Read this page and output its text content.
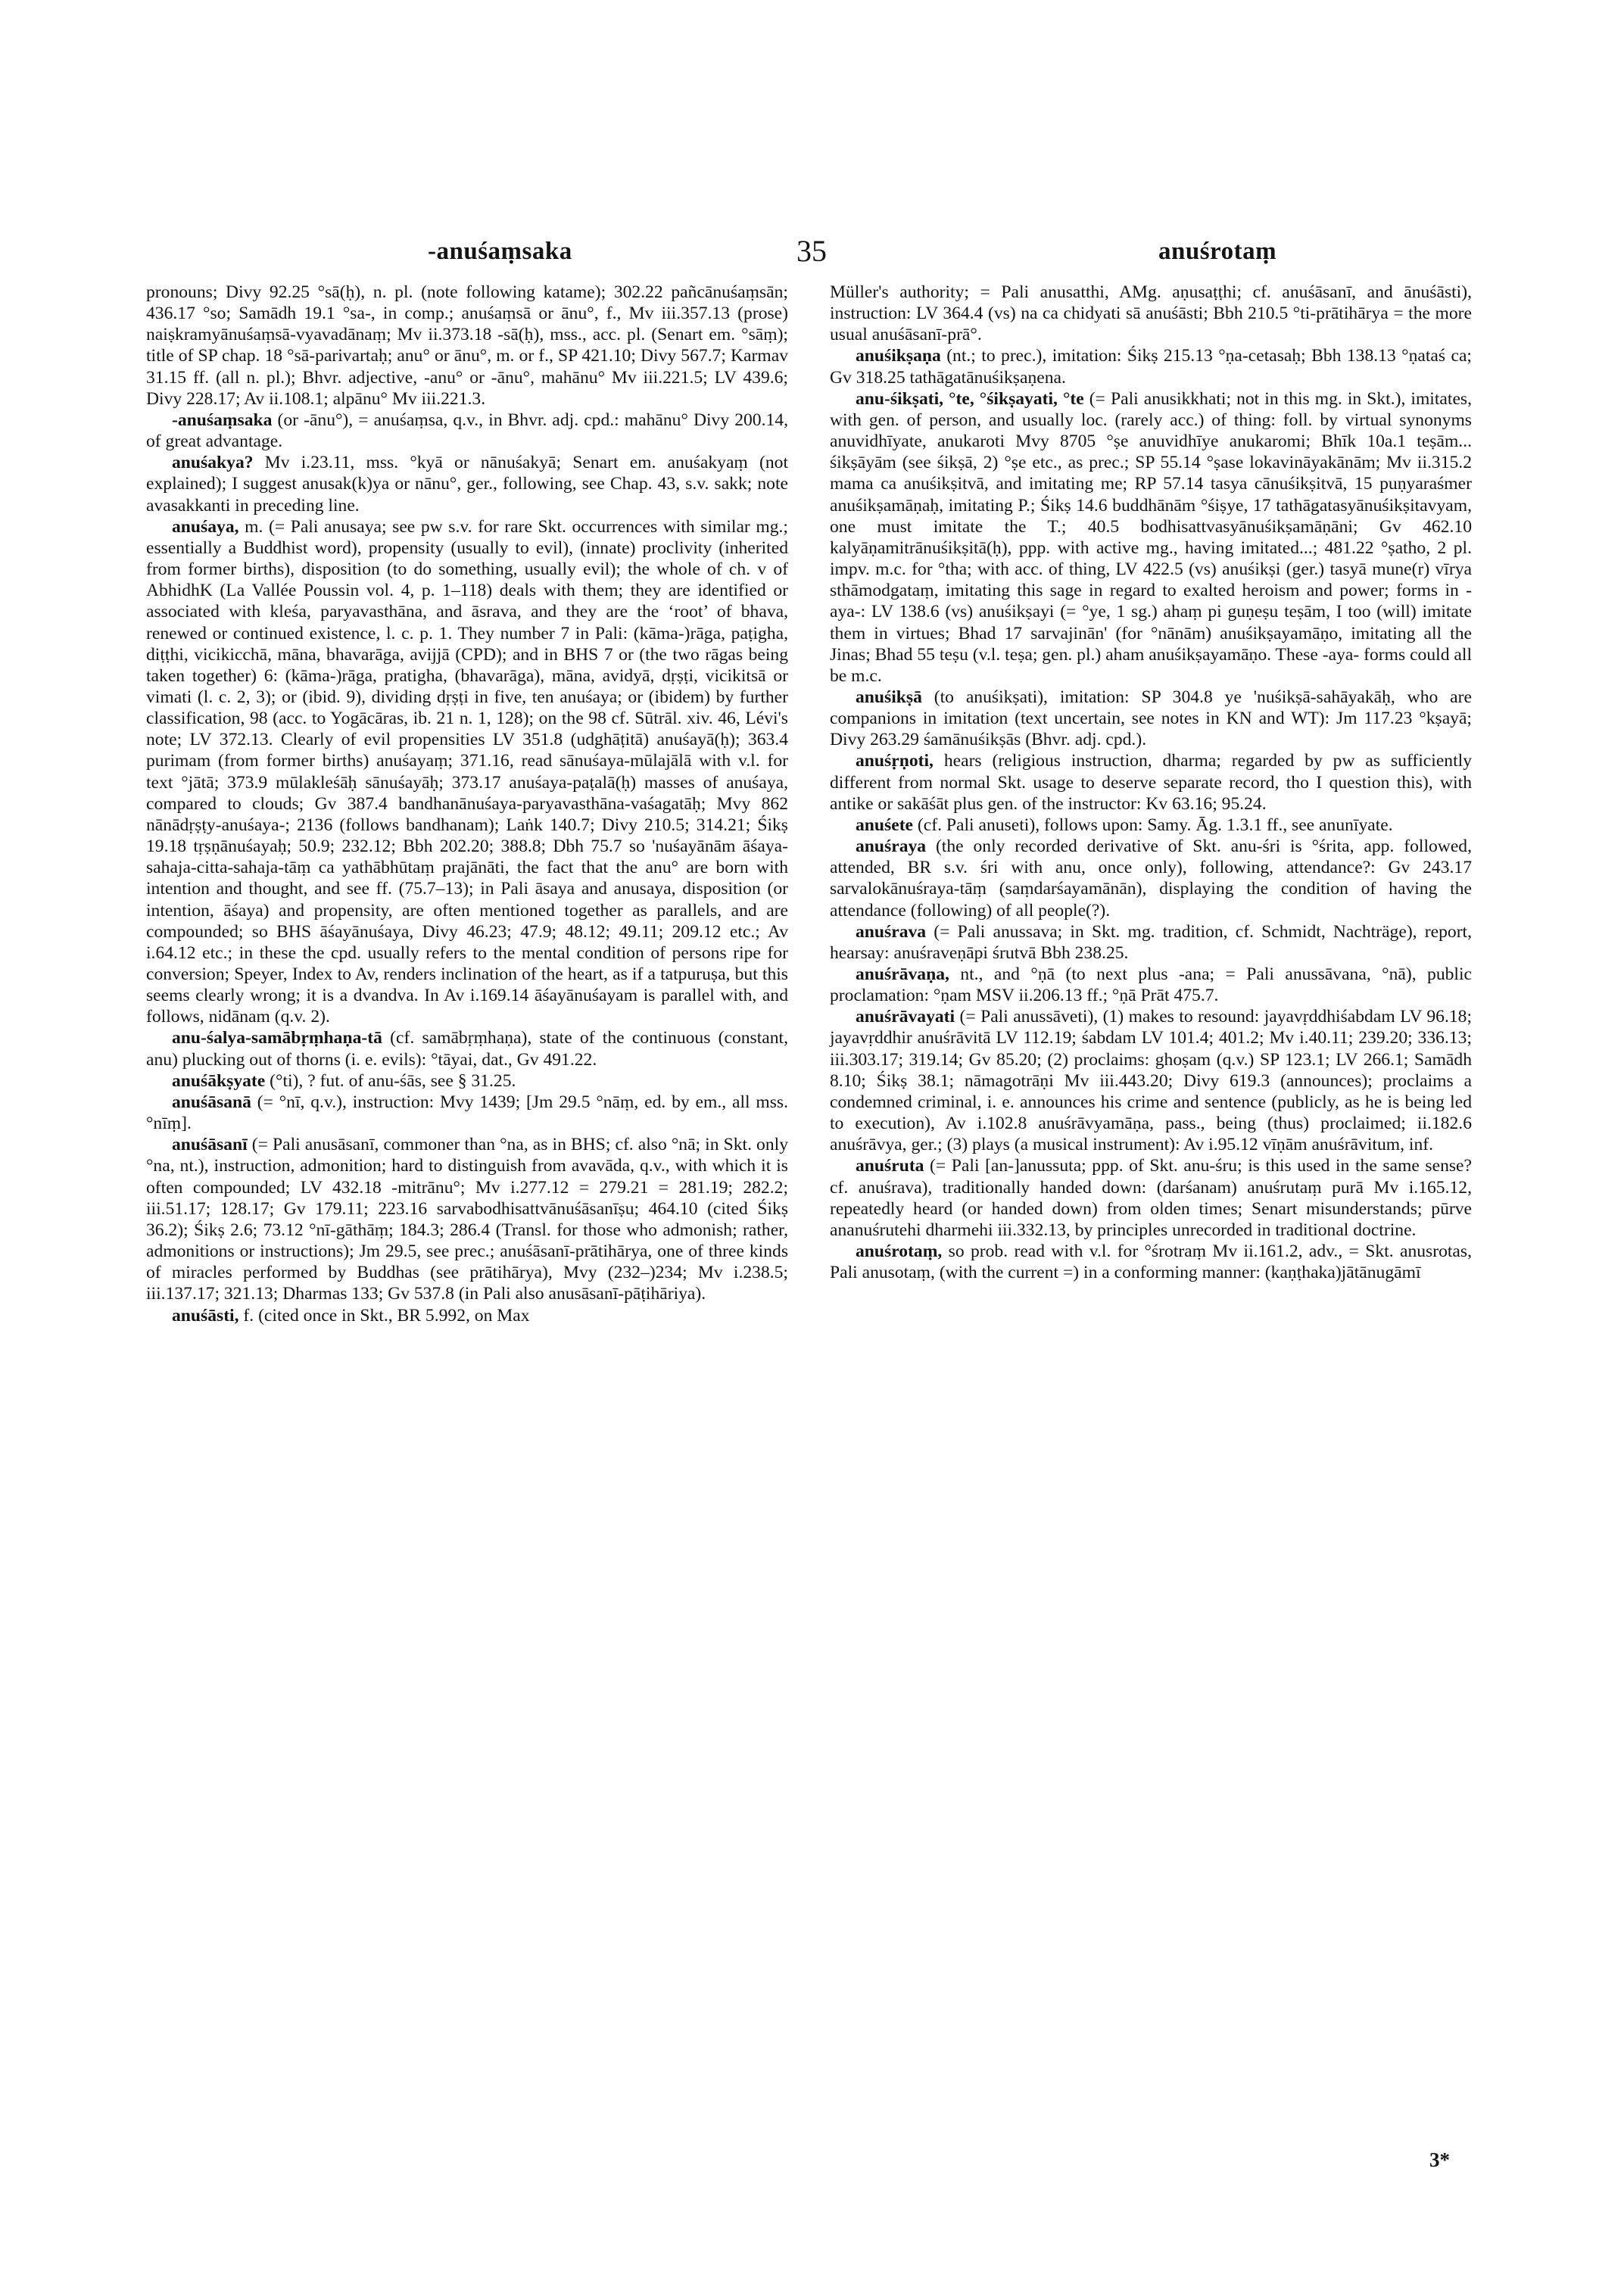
-anuśaṃsaka	35	anuśrotaṃ

pronouns; Divy 92.25 °sā(ḥ), n. pl. (note following katame); 302.22 pañcānuśaṃsān; 436.17 °so; Samādh 19.1 °sa-, in comp.; anuśaṃsā or ānu°, f., Mv iii.357.13 (prose) naiṣkramyānuśaṃsā-vyavadānaṃ; Mv ii.373.18 -sā(ḥ), mss., acc. pl. (Senart em. °sāṃ); title of SP chap. 18 °sā-parivartaḥ; anu° or ānu°, m. or f., SP 421.10; Divy 567.7; Karmav 31.15 ff. (all n. pl.); Bhvr. adjective, -anu° or -ānu°, mahānu° Mv iii.221.5; LV 439.6; Divy 228.17; Av ii.108.1; alpānu° Mv iii.221.3.

-anuśaṃsaka (or -ānu°), = anuśaṃsa, q.v., in Bhvr. adj. cpd.: mahānu° Divy 200.14, of great advantage.

anuśakya? Mv i.23.11, mss. °kyā or nānuśakyā; Senart em. anuśakyaṃ (not explained); I suggest anusak(k)ya or nānu°, ger., following, see Chap. 43, s.v. sakk; note avasakkanti in preceding line.

anuśaya, m. (= Pali anusaya; see pw s.v. for rare Skt. occurrences with similar mg.; essentially a Buddhist word), propensity (usually to evil), (innate) proclivity (inherited from former births), disposition (to do something, usually evil); the whole of ch. v of AbhidhK (La Vallée Poussin vol. 4, p. 1–118) deals with them; they are identified or associated with kleśa, paryavasthāna, and āsrava, and they are the ‘root’ of bhava, renewed or continued existence, l. c. p. 1. They number 7 in Pali: (kāma-)rāga, paṭigha, diṭṭhi, vicikicchā, māna, bhavarāga, avijjā (CPD); and in BHS 7 or (the two rāgas being taken together) 6: (kāma-)rāga, pratigha, (bhavarāga), māna, avidyā, dṛṣṭi, vicikitsā or vimati (l. c. 2, 3); or (ibid. 9), dividing dṛṣṭi in five, ten anuśaya; or (ibidem) by further classification, 98 (acc. to Yogācāras, ib. 21 n. 1, 128); on the 98 cf. Sūtrāl. xiv. 46, Lévi's note; LV 372.13. Clearly of evil propensities LV 351.8 (udghāṭitā) anuśayā(ḥ); 363.4 purimam (from former births) anuśayaṃ; 371.16, read sānuśaya-mūlajālā with v.l. for text °jātā; 373.9 mūlakleśāḥ sānuśayāḥ; 373.17 anuśaya-paṭalā(ḥ) masses of anuśaya, compared to clouds; Gv 387.4 bandhanānuśaya-paryavasthāna-vaśagatāḥ; Mvy 862 nānādṛṣṭy-anuśaya-; 2136 (follows bandhanam); Laṅk 140.7; Divy 210.5; 314.21; Śikṣ 19.18 tṛṣṇānuśayaḥ; 50.9; 232.12; Bbh 202.20; 388.8; Dbh 75.7 so 'nuśayānām āśaya-sahaja-citta-sahaja-tāṃ ca yathābhūtaṃ prajānāti, the fact that the anu° are born with intention and thought, and see ff. (75.7–13); in Pali āsaya and anusaya, disposition (or intention, āśaya) and propensity, are often mentioned together as parallels, and are compounded; so BHS āśayānuśaya, Divy 46.23; 47.9; 48.12; 49.11; 209.12 etc.; Av i.64.12 etc.; in these the cpd. usually refers to the mental condition of persons ripe for conversion; Speyer, Index to Av, renders inclination of the heart, as if a tatpuruṣa, but this seems clearly wrong; it is a dvandva. In Av i.169.14 āśayānuśayam is parallel with, and follows, nidānam (q.v. 2).

anu-śalya-samābṛṃhaṇa-tā (cf. samābṛṃhaṇa), state of the continuous (constant, anu) plucking out of thorns (i. e. evils): °tāyai, dat., Gv 491.22.

anuśākṣyate (°ti), ? fut. of anu-śās, see § 31.25.

anuśāsanā (= °nī, q.v.), instruction: Mvy 1439; [Jm 29.5 °nāṃ, ed. by em., all mss. °nīṃ].

anuśāsanī (= Pali anusāsanī, commoner than °na, as in BHS; cf. also °nā; in Skt. only °na, nt.), instruction, admonition; hard to distinguish from avavāda, q.v., with which it is often compounded; LV 432.18 -mitrānu°; Mv i.277.12 = 279.21 = 281.19; 282.2; iii.51.17; 128.17; Gv 179.11; 223.16 sarvabodhisattvānuśāsanīṣu; 464.10 (cited Śikṣ 36.2); Śikṣ 2.6; 73.12 °nī-gāthāṃ; 184.3; 286.4 (Transl. for those who admonish; rather, admonitions or instructions); Jm 29.5, see prec.; anuśāsanī-prātihārya, one of three kinds of miracles performed by Buddhas (see prātihārya), Mvy (232–)234; Mv i.238.5; iii.137.17; 321.13; Dharmas 133; Gv 537.8 (in Pali also anusāsanī-pāṭihāriya).

anuśāsti, f. (cited once in Skt., BR 5.992, on Max

Müller's authority; = Pali anusatthi, AMg. aṇusaṭṭhi; cf. anuśāsanī, and ānuśāsti), instruction: LV 364.4 (vs) na ca chidyati sā anuśāsti; Bbh 210.5 °ti-prātihārya = the more usual anuśāsanī-prā°.

anuśikṣaṇa (nt.; to prec.), imitation: Śikṣ 215.13 °ṇa-cetasaḥ; Bbh 138.13 °ṇataś ca; Gv 318.25 tathāgatānuśikṣaṇena.

anu-śikṣati, °te, °śikṣayati, °te (= Pali anusikkhati; not in this mg. in Skt.), imitates, with gen. of person, and usually loc. (rarely acc.) of thing: foll. by virtual synonyms anuvidhīyate, anukaroti Mvy 8705 °ṣe anuvidhīye anukaromi; Bhīk 10a.1 teṣām... śikṣāyām (see śikṣā, 2) °ṣe etc., as prec.; SP 55.14 °ṣase lokavināyakānām; Mv ii.315.2 mama ca anuśikṣitvā, and imitating me; RP 57.14 tasya cānuśikṣitvā, 15 puṇyaraśmer anuśikṣamāṇaḥ, imitating P.; Śikṣ 14.6 buddhānām °śiṣye, 17 tathāgatasyānuśikṣitavyam, one must imitate the T.; 40.5 bodhisattvasyānuśikṣamāṇāni; Gv 462.10 kalyāṇamitrānuśikṣitā(ḥ), ppp. with active mg., having imitated...; 481.22 °ṣatho, 2 pl. impv. m.c. for °tha; with acc. of thing, LV 422.5 (vs) anuśikṣi (ger.) tasyā mune(r) vīrya sthāmodgataṃ, imitating this sage in regard to exalted heroism and power; forms in -aya-: LV 138.6 (vs) anuśikṣayi (= °ye, 1 sg.) ahaṃ pi guṇeṣu teṣām, I too (will) imitate them in virtues; Bhad 17 sarvajinān' (for °nānām) anuśikṣayamāṇo, imitating all the Jinas; Bhad 55 teṣu (v.l. teṣa; gen. pl.) aham anuśikṣayamāṇo. These -aya- forms could all be m.c.

anuśikṣā (to anuśikṣati), imitation: SP 304.8 ye 'nuśikṣā-sahāyakāḥ, who are companions in imitation (text uncertain, see notes in KN and WT): Jm 117.23 °kṣayā; Divy 263.29 śamānuśikṣās (Bhvr. adj. cpd.).

anuśṛṇoti, hears (religious instruction, dharma; regarded by pw as sufficiently different from normal Skt. usage to deserve separate record, tho I question this), with antike or sakāśāt plus gen. of the instructor: Kv 63.16; 95.24.

anuśete (cf. Pali anuseti), follows upon: Samy. Āg. 1.3.1 ff., see anunīyate.

anuśraya (the only recorded derivative of Skt. anu-śri is °śrita, app. followed, attended, BR s.v. śri with anu, once only), following, attendance?: Gv 243.17 sarvalokānuśraya-tāṃ (saṃdarśayamānān), displaying the condition of having the attendance (following) of all people(?).

anuśrava (= Pali anussava; in Skt. mg. tradition, cf. Schmidt, Nachträge), report, hearsay: anuśraveṇāpi śrutvā Bbh 238.25.

anuśrāvaṇa, nt., and °ṇā (to next plus -ana; = Pali anussāvana, °nā), public proclamation: °ṇam MSV ii.206.13 ff.; °ṇā Prāt 475.7.

anuśrāvayati (= Pali anussāveti), (1) makes to resound: jayavṛddhiśabdam LV 96.18; jayavṛddhir anuśrāvitā LV 112.19; śabdam LV 101.4; 401.2; Mv i.40.11; 239.20; 336.13; iii.303.17; 319.14; Gv 85.20; (2) proclaims: ghoṣam (q.v.) SP 123.1; LV 266.1; Samādh 8.10; Śikṣ 38.1; nāmagotrāṇi Mv iii.443.20; Divy 619.3 (announces); proclaims a condemned criminal, i. e. announces his crime and sentence (publicly, as he is being led to execution), Av i.102.8 anuśrāvyamāṇa, pass., being (thus) proclaimed; ii.182.6 anuśrāvya, ger.; (3) plays (a musical instrument): Av i.95.12 vīṇām anuśrāvitum, inf.

anuśruta (= Pali [an-]anussuta; ppp. of Skt. anu-śru; is this used in the same sense? cf. anuśrava), traditionally handed down: (darśanam) anuśrutaṃ purā Mv i.165.12, repeatedly heard (or handed down) from olden times; Senart misunderstands; pūrve ananuśrutehi dharmehi iii.332.13, by principles unrecorded in traditional doctrine.

anuśrotaṃ, so prob. read with v.l. for °śrotraṃ Mv ii.161.2, adv., = Skt. anusrotas, Pali anusotaṃ, (with the current =) in a conforming manner: (kaṇṭhaka)jātānugāmī

3*
